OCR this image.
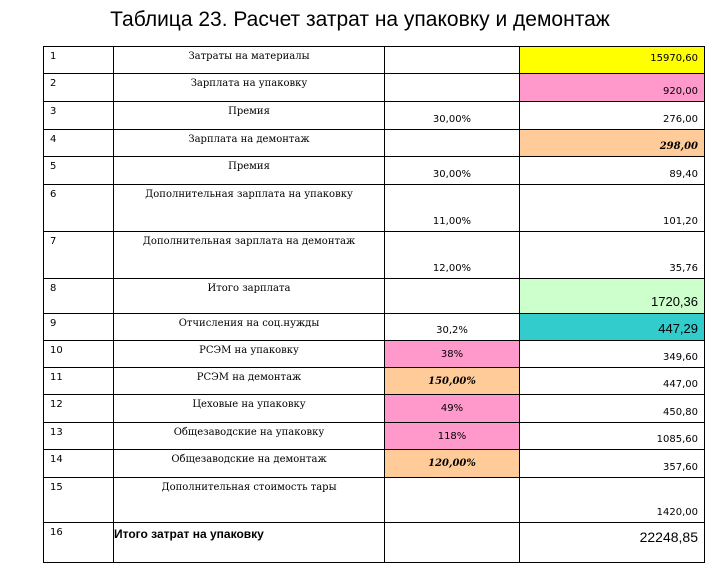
Таблица 23. Расчет затрат на упаковку и демонтаж
1	Затраты на материалы		15970,60
2	Зарплата на упаковку		920,00
3	Премия	30,00%	276,00
4	Зарплата на демонтаж		298,00
5	Премия	30,00%	89,40
6	Дополнительная зарплата на упаковку	11,00%	101,20
7	Дополнительная зарплата на демонтаж	12,00%	35,76
8	Итого зарплата		1720,36
9	Отчисления на соц.нужды	30,2%	447,29
10	РСЭМ на упаковку	38%	349,60
11	РСЭМ на демонтаж	150,00%	447,00
12	Цеховые на упаковку	49%	450,80
13	Общезаводские на упаковку	118%	1085,60
14	Общезаводские на демонтаж	120,00%	357,60
15	Дополнительная стоимость тары		1420,00
16	Итого затрат на упаковку		22248,85
